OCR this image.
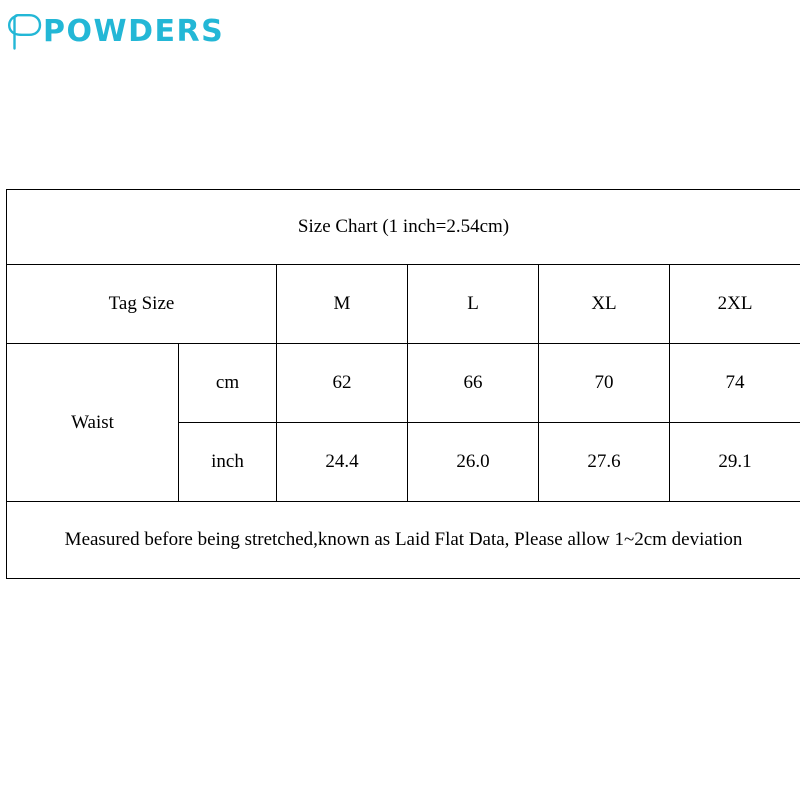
POWDERS
Size Chart (1 inch=2.54cm)					
Tag Size		M	L	XL	2XL
Waist	cm	62	66	70	74
	inch	24.4	26.0	27.6	29.1
Measured before being stretched,known as Laid Flat Data, Please allow 1~2cm deviation					
